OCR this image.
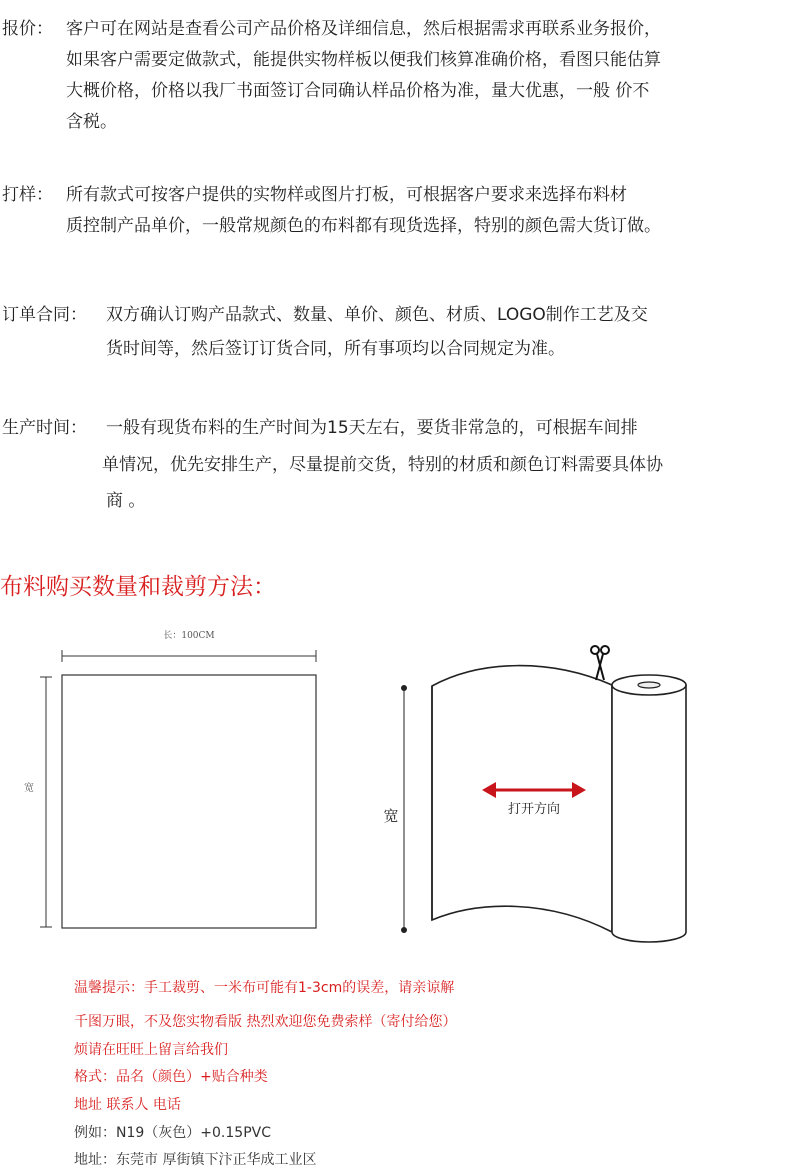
报价： 客户可在网站是查看公司产品价格及详细信息，然后根据需求再联系业务报价，
如果客户需要定做款式，能提供实物样板以便我们核算准确价格，看图只能估算
大概价格，价格以我厂书面签订合同确认样品价格为准，量大优惠，一般 价不
含税。
打样： 所有款式可按客户提供的实物样或图片打板，可根据客户要求来选择布料材
质控制产品单价，一般常规颜色的布料都有现货选择，特别的颜色需大货订做。
订单合同： 双方确认订购产品款式、数量、单价、颜色、材质、LOGO制作工艺及交
货时间等，然后签订订货合同，所有事项均以合同规定为准。
生产时间： 一般有现货布料的生产时间为15天左右，要货非常急的，可根据车间排
单情况，优先安排生产，尽量提前交货，特别的材质和颜色订料需要具体协
商 。
布料购买数量和裁剪方法：
长：100CM
宽
打开方向
宽
温馨提示：手工裁剪、一米布可能有1-3cm的误差，请亲谅解
千图万眼，不及您实物看版 热烈欢迎您免费索样（寄付给您）
烦请在旺旺上留言给我们
格式：品名（颜色）+贴合种类
地址 联系人 电话
例如：N19（灰色）+0.15PVC
地址：东莞市 厚街镇下汴正华成工业区
